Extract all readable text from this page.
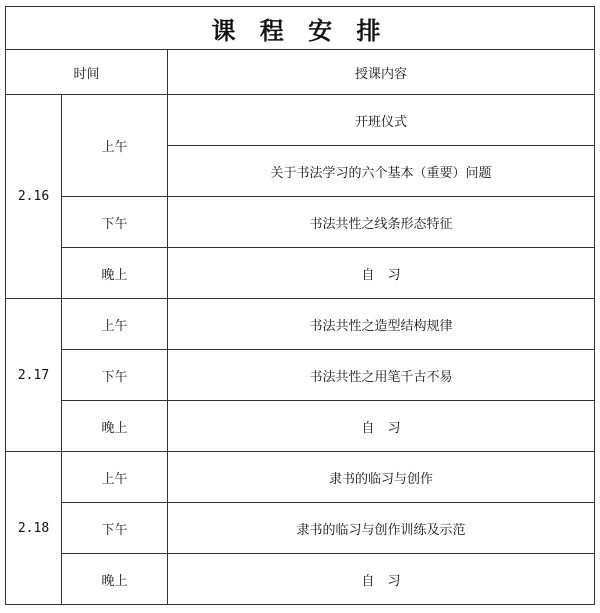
课 程 安 排		
时间		授课内容
2.16	上午	开班仪式
		关于书法学习的六个基本（重要）问题
	下午	书法共性之线条形态特征
	晚上	自　习
2.17	上午	书法共性之造型结构规律
	下午	书法共性之用笔千古不易
	晚上	自　习
2.18	上午	隶书的临习与创作
	下午	隶书的临习与创作训练及示范
	晚上	自　习
